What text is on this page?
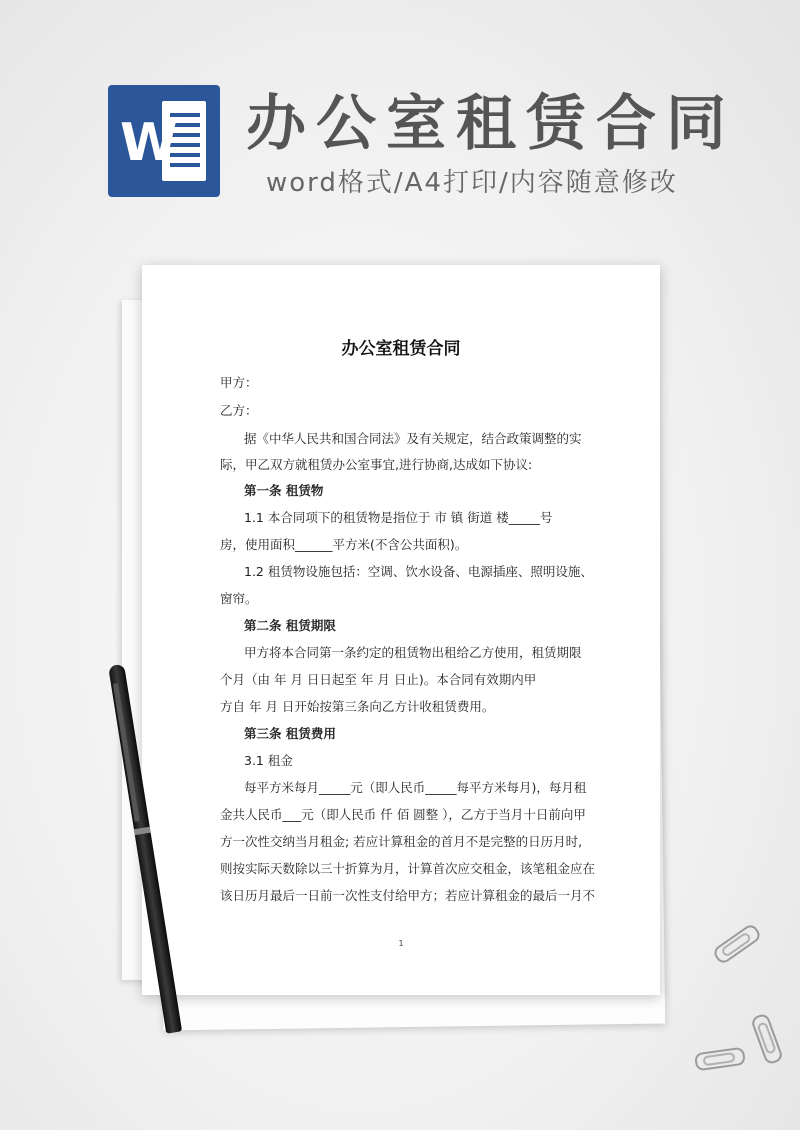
W 办公室租赁合同
word格式/A4打印/内容随意修改
办公室租赁合同
甲方：
乙方：
据《中华人民共和国合同法》及有关规定，结合政策调整的实
际，甲乙双方就租赁办公室事宜,进行协商,达成如下协议:
第一条 租赁物
1.1 本合同项下的租赁物是指位于 市 镇 街道 楼_____号
房，使用面积______平方米(不含公共面积)。
1.2 租赁物设施包括：空调、饮水设备、电源插座、照明设施、
窗帘。
第二条 租赁期限
甲方将本合同第一条约定的租赁物出租给乙方使用，租赁期限
个月（由 年 月 日日起至 年 月 日止)。本合同有效期内甲
方自 年 月 日开始按第三条向乙方计收租赁费用。
第三条 租赁费用
3.1 租金
每平方米每月_____元（即人民币_____每平方米每月)，每月租
金共人民币___元（即人民币 仟 佰 圆整 ），乙方于当月十日前向甲
方一次性交纳当月租金; 若应计算租金的首月不是完整的日历月时,
则按实际天数除以三十折算为月，计算首次应交租金，该笔租金应在
该日历月最后一日前一次性支付给甲方；若应计算租金的最后一月不
1
